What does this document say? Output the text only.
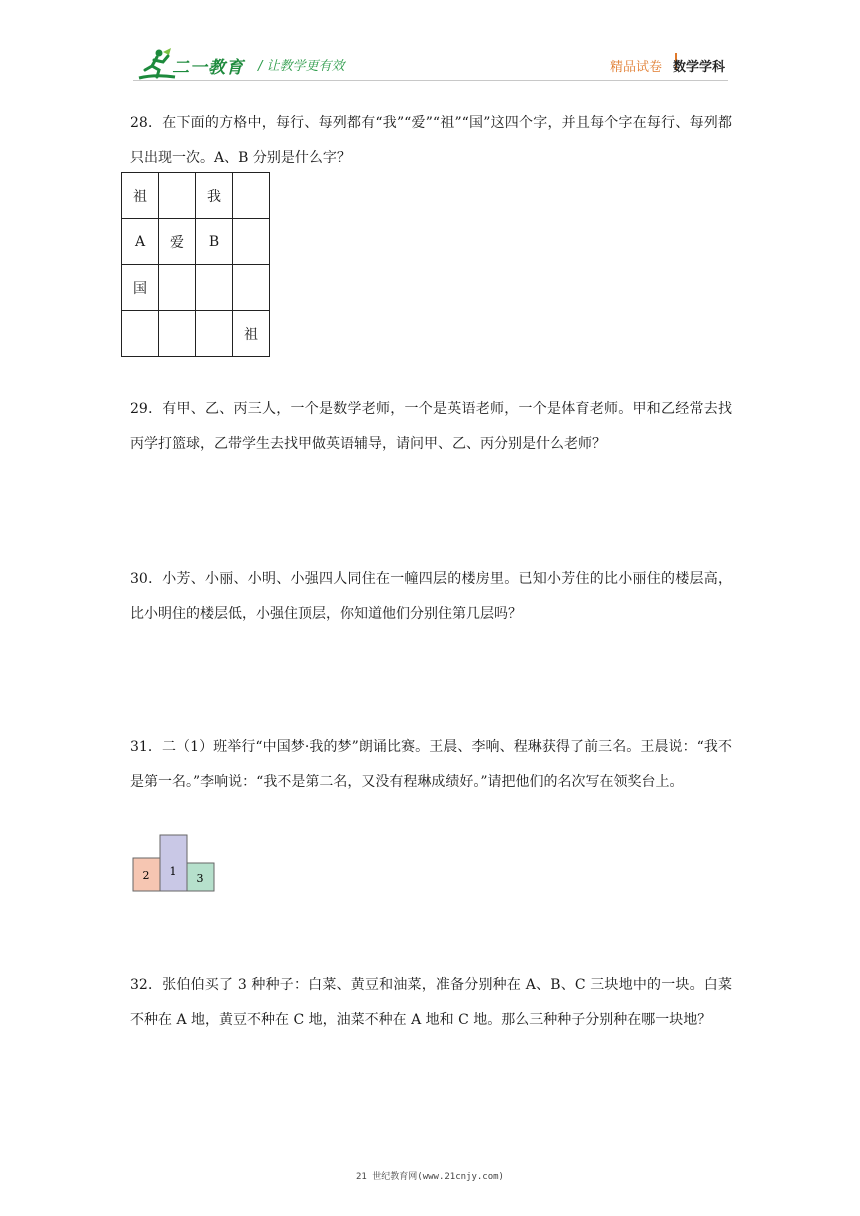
二一教育 / 让教学更有效	精品试卷 数学学科
28．在下面的方格中，每行、每列都有“我”“爱”“祖”“国”这四个字，并且每个字在每行、每列都只出现一次。A、B 分别是什么字？
祖		我	
A	爱	B	
国			
			祖
29．有甲、乙、丙三人，一个是数学老师，一个是英语老师，一个是体育老师。甲和乙经常去找丙学打篮球，乙带学生去找甲做英语辅导，请问甲、乙、丙分别是什么老师？
30．小芳、小丽、小明、小强四人同住在一幢四层的楼房里。已知小芳住的比小丽住的楼层高，比小明住的楼层低，小强住顶层，你知道他们分别住第几层吗？
31．二（1）班举行“中国梦·我的梦”朗诵比赛。王晨、李响、程琳获得了前三名。王晨说：“我不是第一名。”李响说：“我不是第二名，又没有程琳成绩好。”请把他们的名次写在领奖台上。
2 1
3
32．张伯伯买了 3 种种子：白菜、黄豆和油菜，准备分别种在 A、B、C 三块地中的一块。白菜不种在 A 地，黄豆不种在 C 地，油菜不种在 A 地和 C 地。那么三种种子分别种在哪一块地？
21 世纪教育网(www.21cnjy.com)
